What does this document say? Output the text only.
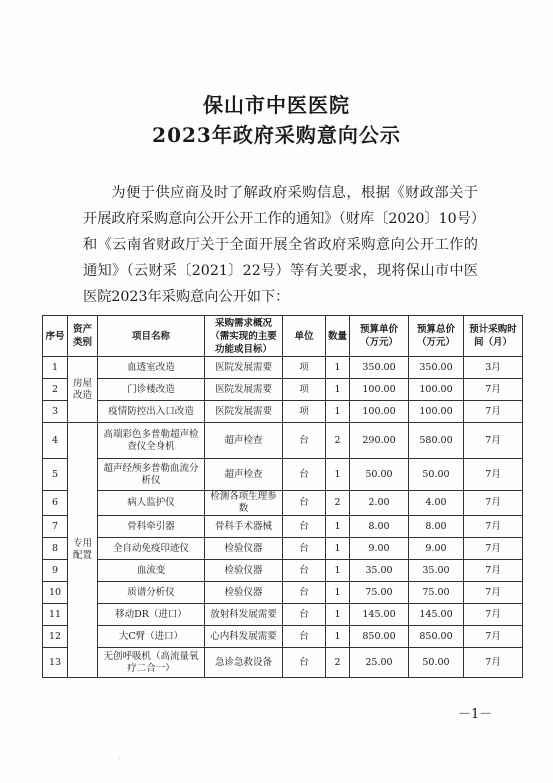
保山市中医医院
2023年政府采购意向公示
为便于供应商及时了解政府采购信息，根据《财政部关于开展政府采购意向公开公开工作的通知》（财库〔2020〕10号）和《云南省财政厅关于全面开展全省政府采购意向公开工作的通知》（云财采〔2021〕22号）等有关要求，现将保山市中医医院2023年采购意向公开如下：
序号	资产类别	项目名称	采购需求概况（需实现的主要功能或目标）	单位	数量	预算单价（万元）	预算总价（万元）	预计采购时间（月）
1	房屋改造	血透室改造	医院发展需要	项	1	350.00	350.00	3月
2		门诊楼改造	医院发展需要	项	1	100.00	100.00	7月
3		疫情防控出入口改造	医院发展需要	项	1	100.00	100.00	7月
4	专用配置	高端彩色多普勒超声检查仪全身机	超声检查	台	2	290.00	580.00	7月
5		超声经颅多普勒血流分析仪	超声检查	台	1	50.00	50.00	7月
6		病人监护仪	检测各项生理参数	台	2	2.00	4.00	7月
7		骨科牵引器	骨科手术器械	台	1	8.00	8.00	7月
8		全自动免疫印迹仪	检验仪器	台	1	9.00	9.00	7月
9		血流变	检验仪器	台	1	35.00	35.00	7月
10		质谱分析仪	检验仪器	台	1	75.00	75.00	7月
11		移动DR（进口）	放射科发展需要	台	1	145.00	145.00	7月
12		大C臂（进口）	心内科发展需要	台	1	850.00	850.00	7月
13		无创呼吸机（高流量氧疗二合一）	急诊急救设备	台	2	25.00	50.00	7月
－1－
·
